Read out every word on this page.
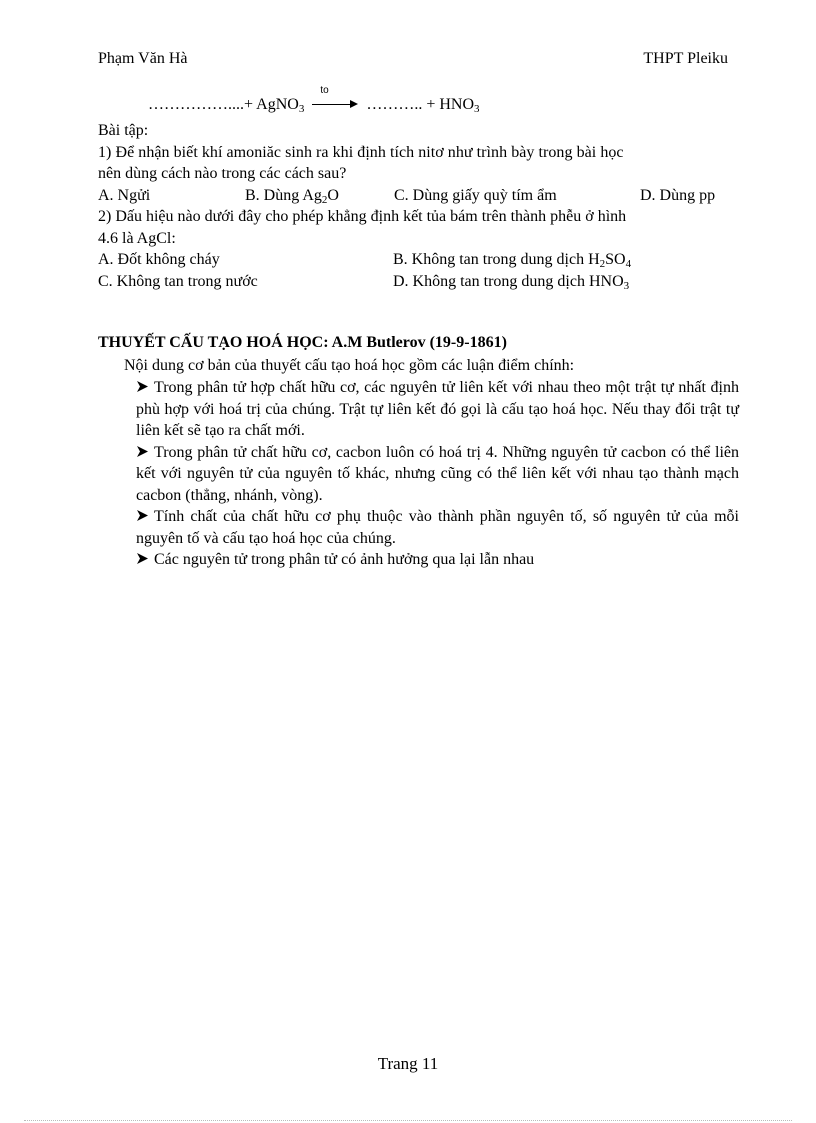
Phạm Văn Hà	THPT Pleiku
……………....+ AgNO$_3$
to
……….. + $HNO_3$
Bài tập:
1) Để nhận biết khí amoniăc sinh ra khi định tích nitơ như trình bày trong bài học
nên dùng cách nào trong các cách sau?
A. Ngửi	B. Dùng $Ag_2O$	C. Dùng giấy quỳ tím ẩm	D. Dùng pp
2) Dấu hiệu nào dưới đây cho phép khẳng định kết tủa bám trên thành phễu ở hình
4.6 là AgCl:
A. Đốt không cháy	B. Không tan trong dung dịch $H_2SO_4$
C. Không tan trong nước	D. Không tan trong dung dịch $HNO_3$
THUYẾT CẤU TẠO HOÁ HỌC: A.M Butlerov (19-9-1861)
Nội dung cơ bản của thuyết cấu tạo hoá học gồm các luận điểm chính:
Trong phân tử hợp chất hữu cơ, các nguyên tử liên kết với nhau theo một trật tự nhất định phù hợp với hoá trị của chúng. Trật tự liên kết đó gọi là cấu tạo hoá học. Nếu thay đổi trật tự liên kết sẽ tạo ra chất mới.
Trong phân tử chất hữu cơ, cacbon luôn có hoá trị 4. Những nguyên tử cacbon có thể liên kết với nguyên tử của nguyên tố khác, nhưng cũng có thể liên kết với nhau tạo thành mạch cacbon (thẳng, nhánh, vòng).
Tính chất của chất hữu cơ phụ thuộc vào thành phần nguyên tố, số nguyên tử của mỗi nguyên tố và cấu tạo hoá học của chúng.
Các nguyên tử trong phân tử có ảnh hưởng qua lại lẫn nhau
Trang 11
